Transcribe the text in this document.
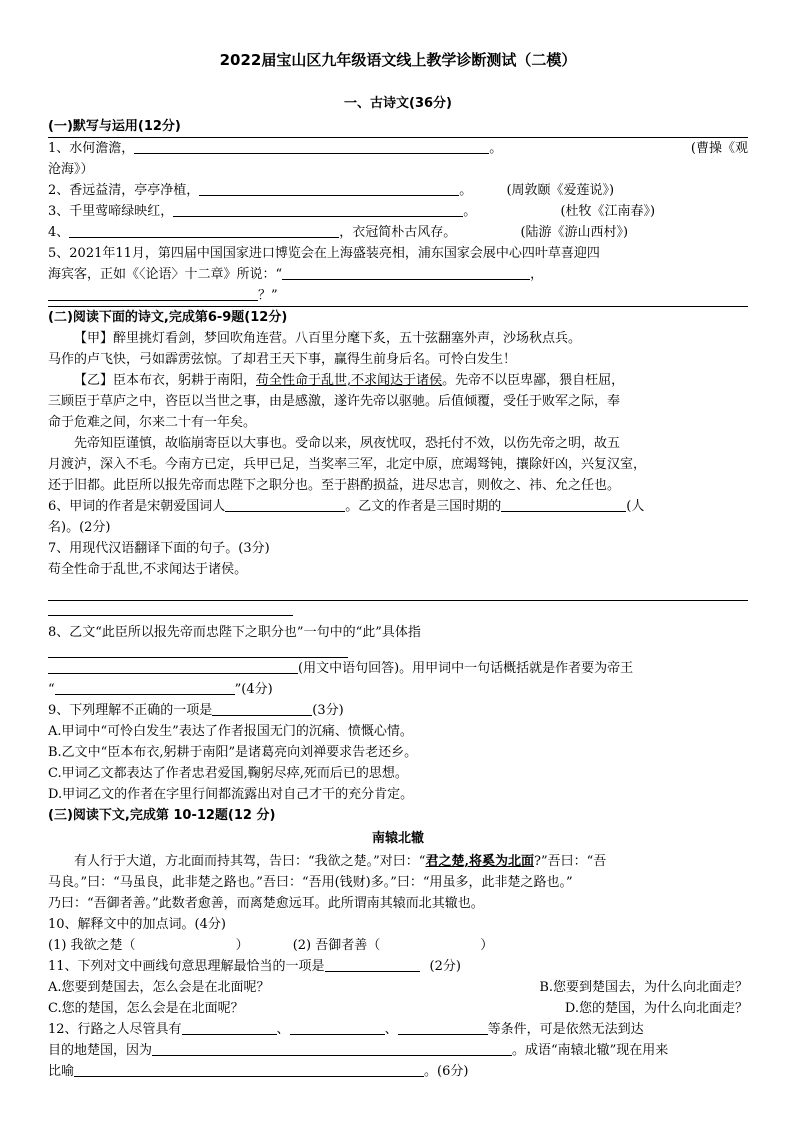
2022届宝山区九年级语文线上教学诊断测试（二模）
一、古诗文(36分)
(一)默写与运用(12分)
1、水何澹澹，	。	(曹操《观
沧海》）
2、香远益清，亭亭净植，	。	(周敦颐《爱莲说》)
3、千里莺啼绿映红，	。	(杜牧《江南春》)
4、	，衣冠简朴古风存。	(陆游《游山西村》)
5、2021年11月，第四届中国国家进口博览会在上海盛装亮相，浦东国家会展中心四叶草喜迎四
海宾客，正如《〈论语〉十二章》所说：“	，
？”
(二)阅读下面的诗文,完成第6-9题(12分)
【甲】醉里挑灯看剑，梦回吹角连营。八百里分麾下炙，五十弦翻塞外声，沙场秋点兵。
马作的卢飞快，弓如霹雳弦惊。了却君王天下事，赢得生前身后名。可怜白发生！
【乙】臣本布衣，躬耕于南阳，苟全性命于乱世,不求闻达于诸侯。先帝不以臣卑鄙，猥自枉屈，
三顾臣于草庐之中，咨臣以当世之事，由是感激，遂许先帝以驱驰。后值倾覆，受任于败军之际，奉
命于危难之间，尔来二十有一年矣。
先帝知臣谨慎，故临崩寄臣以大事也。受命以来，夙夜忧叹，恐托付不效，以伤先帝之明，故五
月渡泸，深入不毛。今南方已定，兵甲已足，当奖率三军，北定中原，庶竭驽钝，攘除奸凶，兴复汉室，
还于旧都。此臣所以报先帝而忠陛下之职分也。至于斟酌损益，进尽忠言，则攸之、祎、允之任也。
6、甲词的作者是宋朝爱国词人	。乙文的作者是三国时期的	(人
名)。(2分)
7、用现代汉语翻译下面的句子。(3分)
苟全性命于乱世,不求闻达于诸侯。
8、乙文“此臣所以报先帝而忠陛下之职分也”一句中的“此”具体指
(用文中语句回答)。用甲词中一句话概括就是作者要为帝王
“	”(4分)
9、下列理解不正确的一项是	(3分)
A.甲词中“可怜白发生”表达了作者报国无门的沉痛、愤慨心情。
B.乙文中“臣本布衣,躬耕于南阳”是诸葛亮向刘禅要求告老还乡。
C.甲词乙文都表达了作者忠君爱国,鞠躬尽瘁,死而后已的思想。
D.甲词乙文的作者在字里行间都流露出对自己才干的充分肯定。
(三)阅读下文,完成第 10-12题(12 分)
南辕北辙
有人行于大道，方北面而持其驾，告曰：“我欲之楚。”对曰：“君之楚,将奚为北面?”吾曰：“吾
马良。”曰：“马虽良，此非楚之路也。”吾曰：“吾用(钱财)多。”曰：“用虽多，此非楚之路也。”
乃曰：“吾御者善。”此数者愈善，而离楚愈远耳。此所谓南其辕而北其辙也。
10、解释文中的加点词。(4分)
(1) 我欲之楚（	）	(2) 吾御者善（	）
11、下列对文中画线句意思理解最恰当的一项是	(2分)
A.您要到楚国去，怎么会是在北面呢？	B.您要到楚国去，为什么向北面走？
C.您的楚国，怎么会是在北面呢？	D.您的楚国，为什么向北面走？
12、行路之人尽管具有	、	、	等条件，可是依然无法到达
目的地楚国，因为	。成语“南辕北辙”现在用来
比喻	。(6分)
